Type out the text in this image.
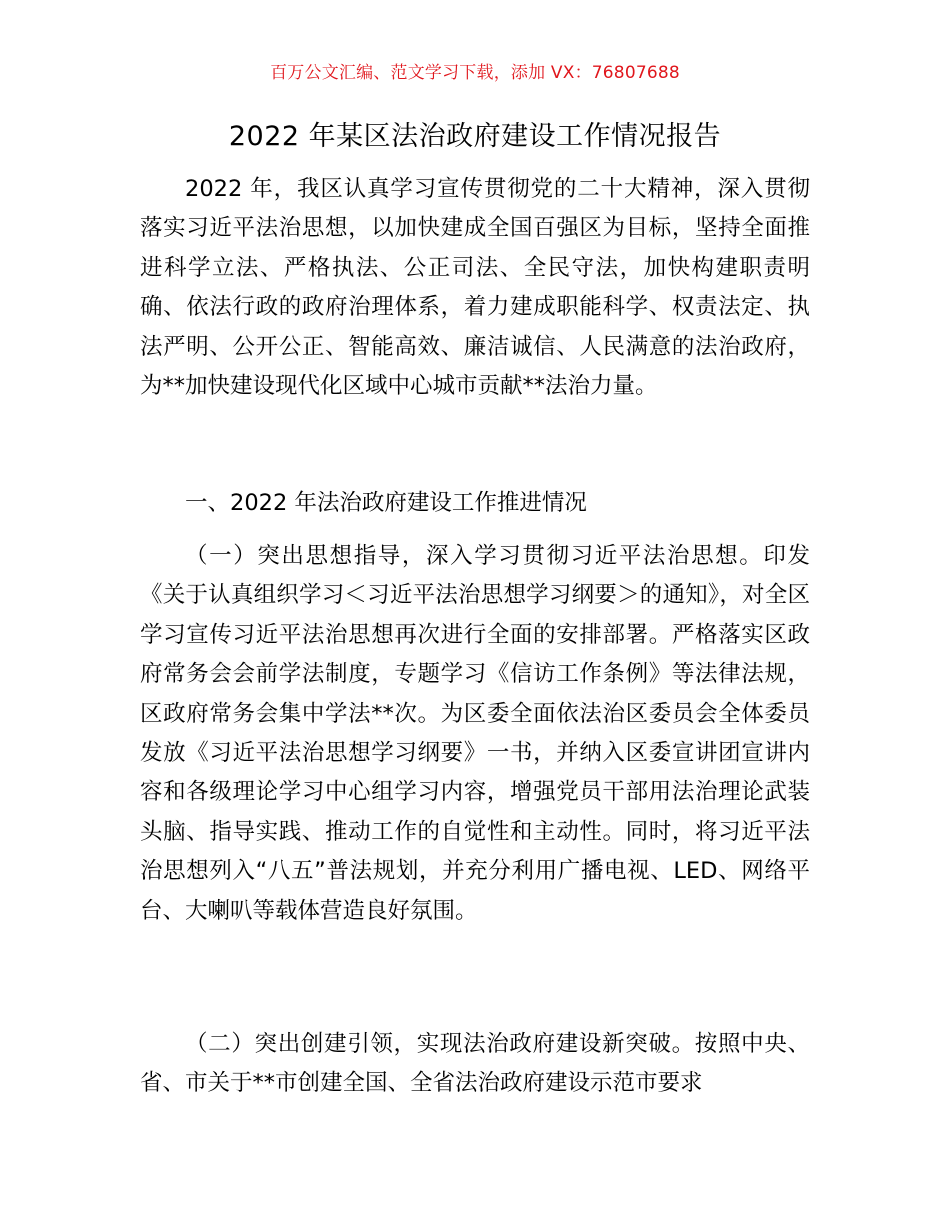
百万公文汇编、范文学习下载，添加 VX：76807688
2022 年某区法治政府建设工作情况报告
2022 年，我区认真学习宣传贯彻党的二十大精神，深入贯彻落实习近平法治思想，以加快建成全国百强区为目标，坚持全面推进科学立法、严格执法、公正司法、全民守法，加快构建职责明确、依法行政的政府治理体系，着力建成职能科学、权责法定、执法严明、公开公正、智能高效、廉洁诚信、人民满意的法治政府，为**加快建设现代化区域中心城市贡献**法治力量。
一、2022 年法治政府建设工作推进情况
（一）突出思想指导，深入学习贯彻习近平法治思想。印发《关于认真组织学习＜习近平法治思想学习纲要＞的通知》，对全区学习宣传习近平法治思想再次进行全面的安排部署。严格落实区政府常务会会前学法制度，专题学习《信访工作条例》等法律法规，区政府常务会集中学法**次。为区委全面依法治区委员会全体委员发放《习近平法治思想学习纲要》一书，并纳入区委宣讲团宣讲内容和各级理论学习中心组学习内容，增强党员干部用法治理论武装头脑、指导实践、推动工作的自觉性和主动性。同时，将习近平法治思想列入“八五”普法规划，并充分利用广播电视、LED、网络平台、大喇叭等载体营造良好氛围。
（二）突出创建引领，实现法治政府建设新突破。按照中央、省、市关于**市创建全国、全省法治政府建设示范市要求
